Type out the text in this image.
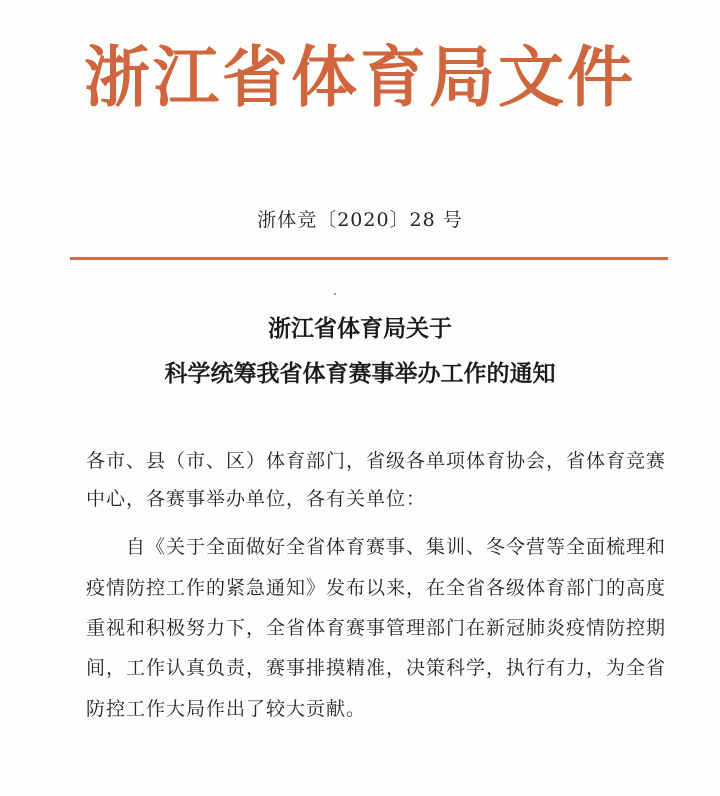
浙江省体育局文件
浙体竞〔2020〕28 号
浙江省体育局关于
科学统筹我省体育赛事举办工作的通知
各市、县（市、区）体育部门，省级各单项体育协会，省体育竞赛
中心，各赛事举办单位，各有关单位：
自《关于全面做好全省体育赛事、集训、冬令营等全面梳理和
疫情防控工作的紧急通知》发布以来，在全省各级体育部门的高度
重视和积极努力下，全省体育赛事管理部门在新冠肺炎疫情防控期
间，工作认真负责，赛事排摸精准，决策科学，执行有力，为全省
防控工作大局作出了较大贡献。
